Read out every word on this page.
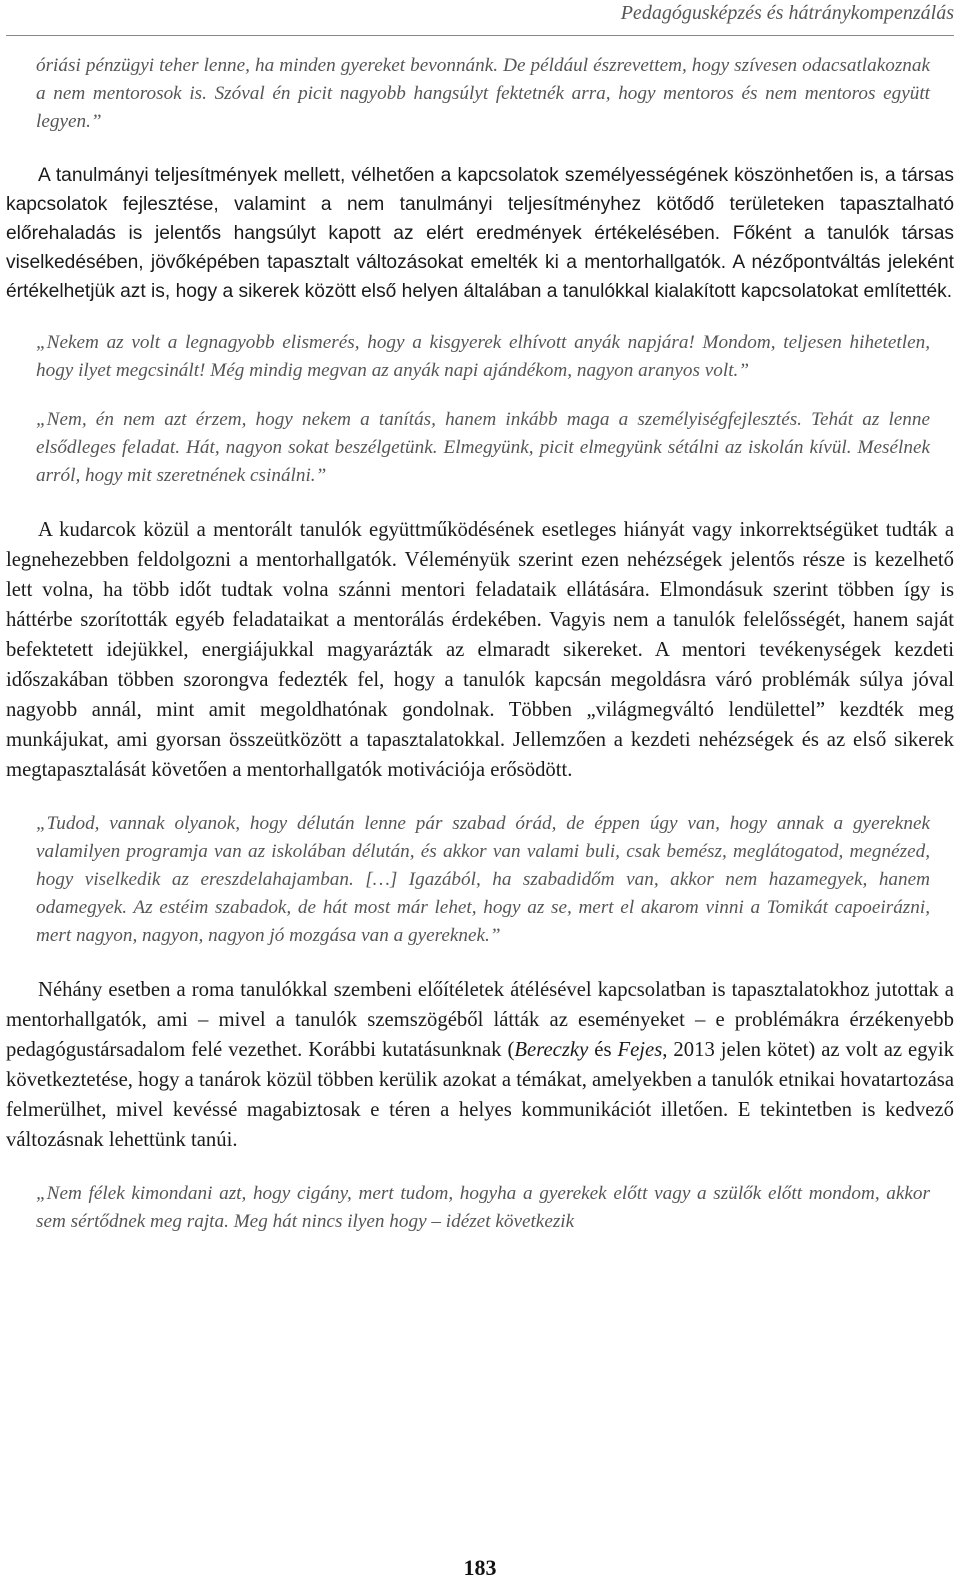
Pedagógusképzés és hátránykompenzálás

óriási pénzügyi teher lenne, ha minden gyereket bevonnánk. De például észrevettem, hogy szívesen odacsatlakoznak a nem mentorosok is. Szóval én picit nagyobb hangsúlyt fektetnék arra, hogy mentoros és nem mentoros együtt legyen.”

A tanulmányi teljesítmények mellett, vélhetően a kapcsolatok személyességének köszönhetően is, a társas kapcsolatok fejlesztése, valamint a nem tanulmányi teljesítményhez kötődő területeken tapasztalható előrehaladás is jelentős hangsúlyt kapott az elért eredmények értékelésében. Főként a tanulók társas viselkedésében, jövőképében tapasztalt változásokat emelték ki a mentorhallgatók. A nézőpontváltás jeleként értékelhetjük azt is, hogy a sikerek között első helyen általában a tanulókkal kialakított kapcsolatokat említették.

„Nekem az volt a legnagyobb elismerés, hogy a kisgyerek elhívott anyák napjára! Mondom, teljesen hihetetlen, hogy ilyet megcsinált! Még mindig megvan az anyák napi ajándékom, nagyon aranyos volt.”

„Nem, én nem azt érzem, hogy nekem a tanítás, hanem inkább maga a személyiségfejlesztés. Tehát az lenne elsődleges feladat. Hát, nagyon sokat beszélgetünk. Elmegyünk, picit elmegyünk sétálni az iskolán kívül. Mesélnek arról, hogy mit szeretnének csinálni.”

A kudarcok közül a mentorált tanulók együttműködésének esetleges hiányát vagy inkorrektségüket tudták a legnehezebben feldolgozni a mentorhallgatók. Véleményük szerint ezen nehézségek jelentős része is kezelhető lett volna, ha több időt tudtak volna szánni mentori feladataik ellátására. Elmondásuk szerint többen így is háttérbe szorították egyéb feladataikat a mentorálás érdekében. Vagyis nem a tanulók felelősségét, hanem saját befektetett idejükkel, energiájukkal magyarázták az elmaradt sikereket. A mentori tevékenységek kezdeti időszakában többen szorongva fedezték fel, hogy a tanulók kapcsán megoldásra váró problémák súlya jóval nagyobb annál, mint amit megoldhatónak gondolnak. Többen „világmegváltó lendülettel” kezdték meg munkájukat, ami gyorsan összeütközött a tapasztalatokkal. Jellemzően a kezdeti nehézségek és az első sikerek megtapasztalását követően a mentorhallgatók motivációja erősödött.

„Tudod, vannak olyanok, hogy délután lenne pár szabad órád, de éppen úgy van, hogy annak a gyereknek valamilyen programja van az iskolában délután, és akkor van valami buli, csak bemész, meglátogatod, megnézed, hogy viselkedik az ereszdelahajamban. […] Igazából, ha szabadidőm van, akkor nem hazamegyek, hanem odamegyek. Az estéim szabadok, de hát most már lehet, hogy az se, mert el akarom vinni a Tomikát capoeirázni, mert nagyon, nagyon, nagyon jó mozgása van a gyereknek.”

Néhány esetben a roma tanulókkal szembeni előítéletek átélésével kapcsolatban is tapasztalatokhoz jutottak a mentorhallgatók, ami – mivel a tanulók szemszögéből látták az eseményeket – e problémákra érzékenyebb pedagógustársadalom felé vezethet. Korábbi kutatásunknak (Bereczky és Fejes, 2013 jelen kötet) az volt az egyik következtetése, hogy a tanárok közül többen kerülik azokat a témákat, amelyekben a tanulók etnikai hovatartozása felmerülhet, mivel kevéssé magabiztosak e téren a helyes kommunikációt illetően. E tekintetben is kedvező változásnak lehettünk tanúi.

„Nem félek kimondani azt, hogy cigány, mert tudom, hogyha a gyerekek előtt vagy a szülők előtt mondom, akkor sem sértődnek meg rajta. Meg hát nincs ilyen hogy – idézet következik

183
